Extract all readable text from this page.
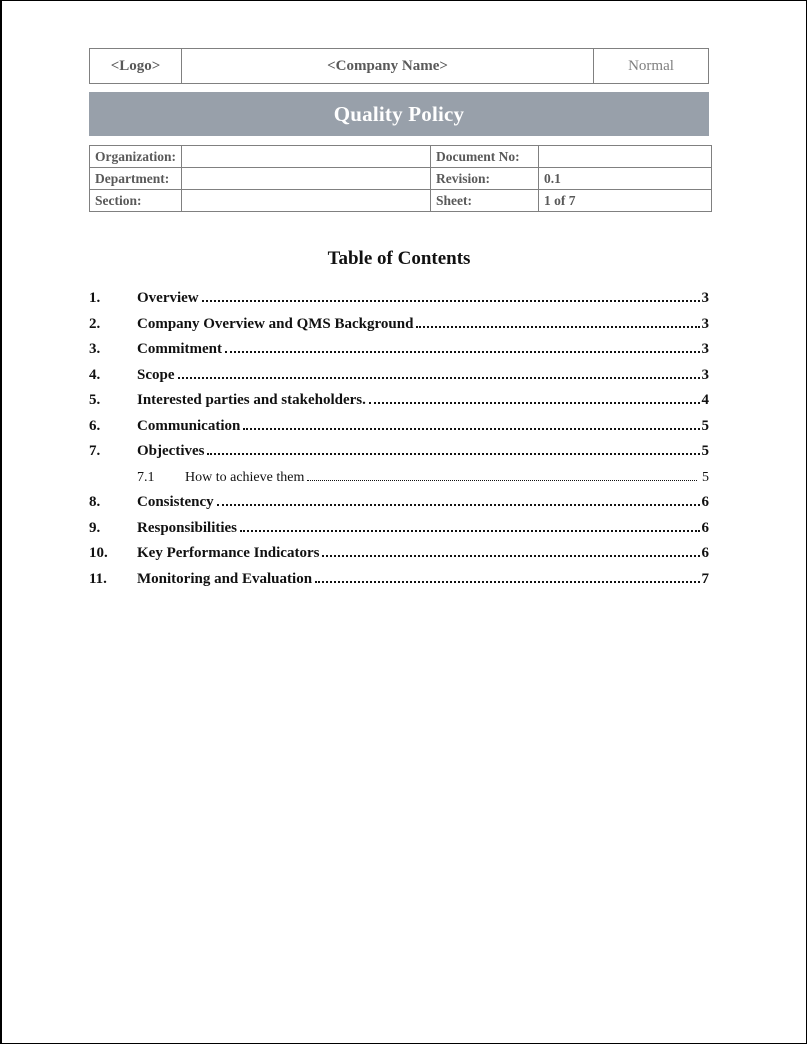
<Logo>	<Company Name>	Normal
Quality Policy
Organization:		Document No:	
Department:		Revision:	0.1
Section:		Sheet:	1 of 7
Table of Contents
1.	Overview	3
2.	Company Overview and QMS Background	3
3.	Commitment	3
4.	Scope	3
5.	Interested parties and stakeholders.	4
6.	Communication	5
7.	Objectives	5
7.1	How to achieve them	5
8.	Consistency	6
9.	Responsibilities	6
10.	Key Performance Indicators	6
11.	Monitoring and Evaluation	7
